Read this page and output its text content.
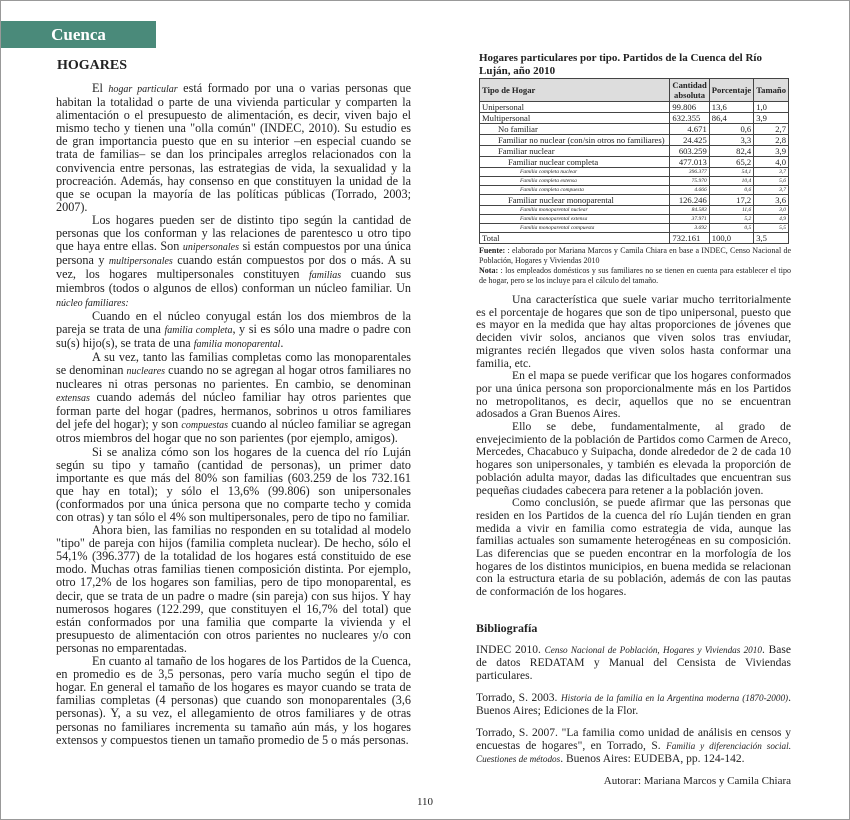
Cuenca
HOGARES

El hogar particular está formado por una o varias personas que habitan la totalidad o parte de una vivienda particular y comparten la alimentación o el presupuesto de alimentación, es decir, viven bajo el mismo techo y tienen una "olla común" (INDEC, 2010). Su estudio es de gran importancia puesto que en su interior –en especial cuando se trata de familias– se dan los principales arreglos relacionados con la convivencia entre personas, las estrategias de vida, la sexualidad y la procreación. Además, hay consenso en que constituyen la unidad de la que se ocupan la mayoría de las políticas públicas (Torrado, 2003; 2007).

Los hogares pueden ser de distinto tipo según la cantidad de personas que los conforman y las relaciones de parentesco u otro tipo que haya entre ellas. Son unipersonales si están compuestos por una única persona y multipersonales cuando están compuestos por dos o más. A su vez, los hogares multipersonales constituyen familias cuando sus miembros (todos o algunos de ellos) conforman un núcleo familiar. Un núcleo familiares:

Cuando en el núcleo conyugal están los dos miembros de la pareja se trata de una familia completa, y si es sólo una madre o padre con su(s) hijo(s), se trata de una familia monoparental.

A su vez, tanto las familias completas como las monoparentales se denominan nucleares cuando no se agregan al hogar otros familiares no nucleares ni otras personas no parientes. En cambio, se denominan extensas cuando además del núcleo familiar hay otros parientes que forman parte del hogar (padres, hermanos, sobrinos u otros familiares del jefe del hogar); y son compuestas cuando al núcleo familiar se agregan otros miembros del hogar que no son parientes (por ejemplo, amigos).

Si se analiza cómo son los hogares de la cuenca del río Luján según su tipo y tamaño (cantidad de personas), un primer dato importante es que más del 80% son familias (603.259 de los 732.161 que hay en total); y sólo el 13,6% (99.806) son unipersonales (conformados por una única persona que no comparte techo y comida con otras) y tan sólo el 4% son multipersonales, pero de tipo no familiar.

Ahora bien, las familias no responden en su totalidad al modelo "tipo" de pareja con hijos (familia completa nuclear). De hecho, sólo el 54,1% (396.377) de la totalidad de los hogares está constituido de ese modo. Muchas otras familias tienen composición distinta. Por ejemplo, otro 17,2% de los hogares son familias, pero de tipo monoparental, es decir, que se trata de un padre o madre (sin pareja) con sus hijos. Y hay numerosos hogares (122.299, que constituyen el 16,7% del total) que están conformados por una familia que comparte la vivienda y el presupuesto de alimentación con otros parientes no nucleares y/o con personas no emparentadas.

En cuanto al tamaño de los hogares de los Partidos de la Cuenca, en promedio es de 3,5 personas, pero varía mucho según el tipo de hogar. En general el tamaño de los hogares es mayor cuando se trata de familias completas (4 personas) que cuando son monoparentales (3,6 personas). Y, a su vez, el allegamiento de otros familiares y de otras personas no familiares incrementa su tamaño aún más, y los hogares extensos y compuestos tienen un tamaño promedio de 5 o más personas.

Hogares particulares por tipo. Partidos de la Cuenca del Río Luján, año 2010
Tipo de Hogar	Cantidad absoluta	Porcentaje	Tamaño
Unipersonal	99.806	13,6	1,0
Multipersonal	632.355	86,4	3,9
No familiar	4.671	0,6	2,7
Familiar no nuclear (con/sin otros no familiares)	24.425	3,3	2,8
Familiar nuclear	603.259	82,4	3,9
Familiar nuclear completa	477.013	65,2	4,0
Familia completa nuclear	396.377	54,1	3,7
Familia completa extensa	75.970	10,4	5,6
Familia completa compuesta	4.666	0,6	3,7
Familiar nuclear monoparental	126.246	17,2	3,6
Familia monoparental nuclear	84.583	11,6	3,0
Familia monoparental extensa	37.971	5,2	4,9
Familia monoparental compuesta	3.692	0,5	5,5
Total	732.161	100,0	3,5
Fuente: : elaborado por Mariana Marcos y Camila Chiara en base a INDEC, Censo Nacional de Población, Hogares y Viviendas 2010
Nota: : los empleados domésticos y sus familiares no se tienen en cuenta para establecer el tipo de hogar, pero se los incluye para el cálculo del tamaño.

Una característica que suele variar mucho territorialmente es el porcentaje de hogares que son de tipo unipersonal, puesto que es mayor en la medida que hay altas proporciones de jóvenes que deciden vivir solos, ancianos que viven solos tras enviudar, migrantes recién llegados que viven solos hasta conformar una familia, etc.

En el mapa se puede verificar que los hogares conformados por una única persona son proporcionalmente más en los Partidos no metropolitanos, es decir, aquellos que no se encuentran adosados a Gran Buenos Aires.

Ello se debe, fundamentalmente, al grado de envejecimiento de la población de Partidos como Carmen de Areco, Mercedes, Chacabuco y Suipacha, donde alrededor de 2 de cada 10 hogares son unipersonales, y también es elevada la proporción de población adulta mayor, dadas las dificultades que encuentran sus pequeñas ciudades cabecera para retener a la población joven.

Como conclusión, se puede afirmar que las personas que residen en los Partidos de la cuenca del río Luján tienden en gran medida a vivir en familia como estrategia de vida, aunque las familias actuales son sumamente heterogéneas en su composición. Las diferencias que se pueden encontrar en la morfología de los hogares de los distintos municipios, en buena medida se relacionan con la estructura etaria de su población, además de con las pautas de conformación de los hogares.

Bibliografía

INDEC 2010. Censo Nacional de Población, Hogares y Viviendas 2010. Base de datos REDATAM y Manual del Censista de Viviendas particulares.

Torrado, S. 2003. Historia de la familia en la Argentina moderna (1870-2000). Buenos Aires; Ediciones de la Flor.

Torrado, S. 2007. "La familia como unidad de análisis en censos y encuestas de hogares", en Torrado, S. Familia y diferenciación social. Cuestiones de métodos. Buenos Aires: EUDEBA, pp. 124-142.

Autorar: Mariana Marcos y Camila Chiara
110
